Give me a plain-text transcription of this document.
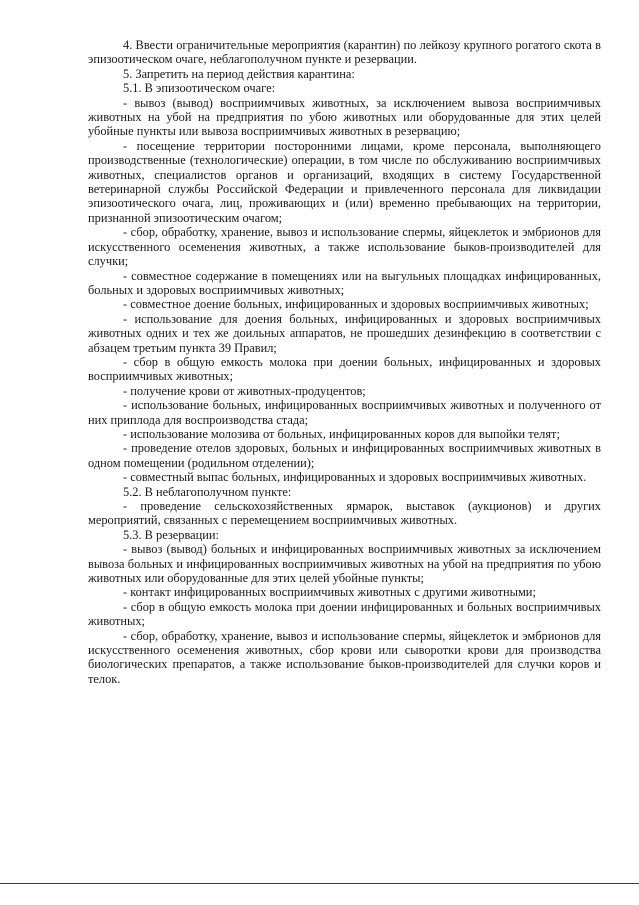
4. Ввести ограничительные мероприятия (карантин) по лейкозу крупного рогатого скота в эпизоотическом очаге, неблагополучном пункте и резервации.

5. Запретить на период действия карантина:

5.1. В эпизоотическом очаге:

- вывоз (вывод) восприимчивых животных, за исключением вывоза восприимчивых животных на убой на предприятия по убою животных или оборудованные для этих целей убойные пункты или вывоза восприимчивых животных в резервацию;

- посещение территории посторонними лицами, кроме персонала, выполняющего производственные (технологические) операции, в том числе по обслуживанию восприимчивых животных, специалистов органов и организаций, входящих в систему Государственной ветеринарной службы Российской Федерации и привлеченного персонала для ликвидации эпизоотического очага, лиц, проживающих и (или) временно пребывающих на территории, признанной эпизоотическим очагом;

- сбор, обработку, хранение, вывоз и использование спермы, яйцеклеток и эмбрионов для искусственного осеменения животных, а также использование быков-производителей для случки;

- совместное содержание в помещениях или на выгульных площадках инфицированных, больных и здоровых восприимчивых животных;

- совместное доение больных, инфицированных и здоровых восприимчивых животных;

- использование для доения больных, инфицированных и здоровых восприимчивых животных одних и тех же доильных аппаратов, не прошедших дезинфекцию в соответствии с абзацем третьим пункта 39 Правил;

- сбор в общую емкость молока при доении больных, инфицированных и здоровых восприимчивых животных;

- получение крови от животных-продуцентов;

- использование больных, инфицированных восприимчивых животных и полученного от них приплода для воспроизводства стада;

- использование молозива от больных, инфицированных коров для выпойки телят;

- проведение отелов здоровых, больных и инфицированных восприимчивых животных в одном помещении (родильном отделении);

- совместный выпас больных, инфицированных и здоровых восприимчивых животных.

5.2. В неблагополучном пункте:

- проведение сельскохозяйственных ярмарок, выставок (аукционов) и других мероприятий, связанных с перемещением восприимчивых животных.

5.3. В резервации:

- вывоз (вывод) больных и инфицированных восприимчивых животных за исключением вывоза больных и инфицированных восприимчивых животных на убой на предприятия по убою животных или оборудованные для этих целей убойные пункты;

- контакт инфицированных восприимчивых животных с другими животными;

- сбор в общую емкость молока при доении инфицированных и больных восприимчивых животных;

- сбор, обработку, хранение, вывоз и использование спермы, яйцеклеток и эмбрионов для искусственного осеменения животных, сбор крови или сыворотки крови для производства биологических препаратов, а также использование быков-производителей для случки коров и телок.
